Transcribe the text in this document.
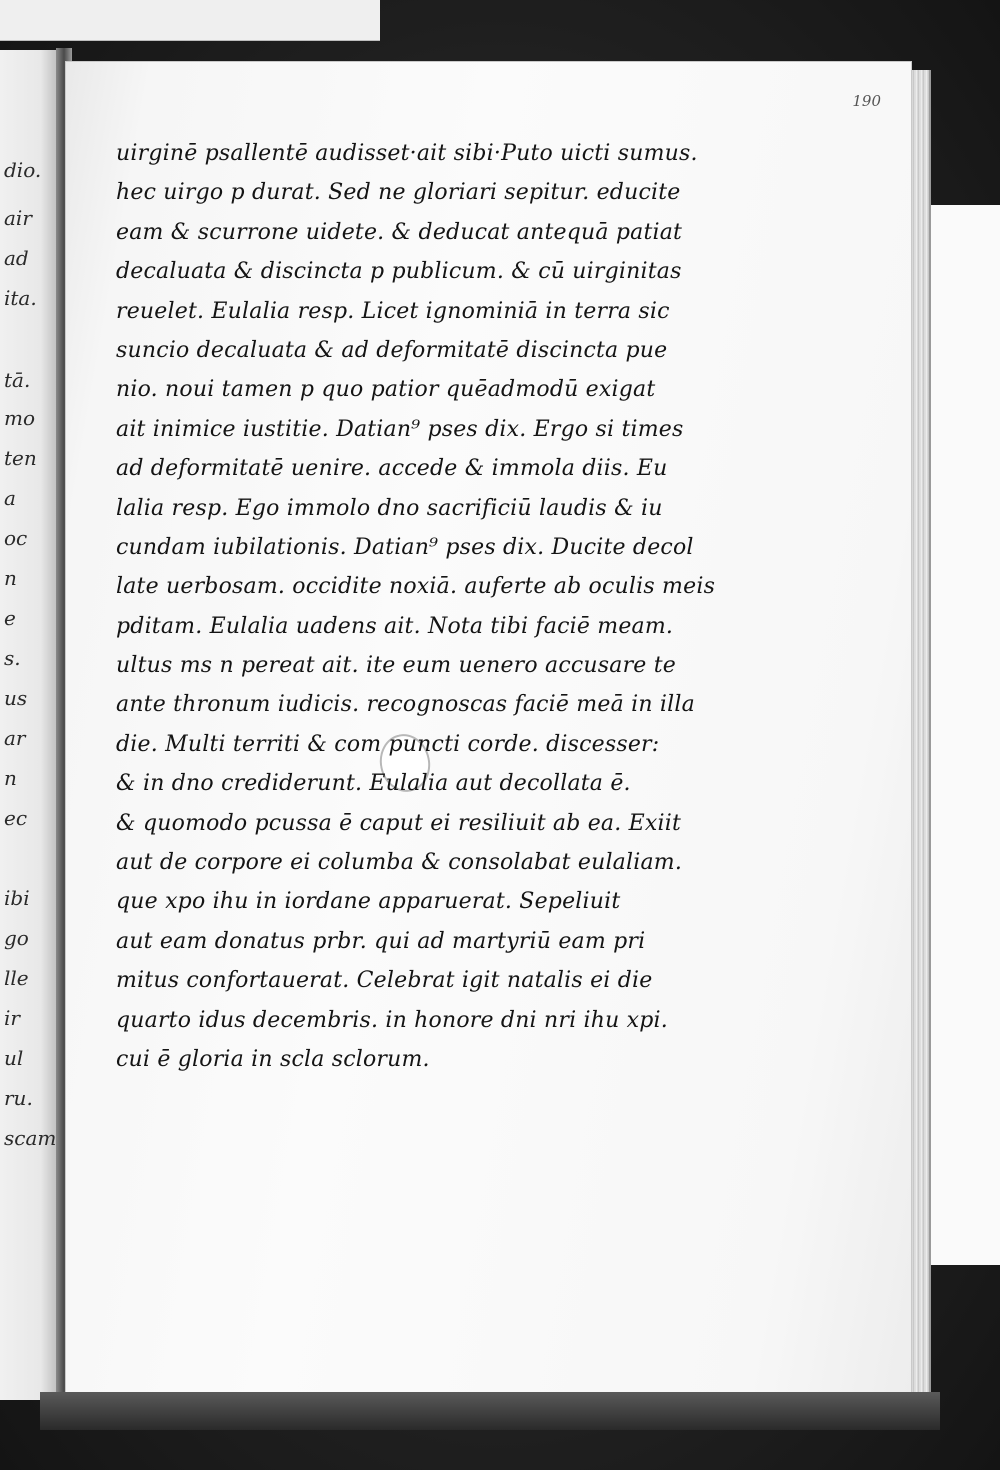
dio.
air
ad
ita.
tā.
mo
ten
a
oc
n
e
s.
us
ar
n
ec
ibi
go
lle
ir
ul
ru.
scam
190
uirginē psallentē audisset·ait sibi·Puto uicti sumus.
hec uirgo p durat. Sed ne gloriari sepitur. educite
eam & scurrone uidete. & deducat antequā patiat
decaluata & discincta p publicum. & cū uirginitas
reuelet. Eulalia resp. Licet ignominiā in terra sic
suncio decaluata & ad deformitatē discincta pue
nio. noui tamen p quo patior quēadmodū exigat
ait inimice iustitie. Datian⁹ pses dix. Ergo si times
ad deformitatē uenire. accede & immola diis. Eu
lalia resp. Ego immolo dno sacrificiū laudis & iu
cundam iubilationis. Datian⁹ pses dix. Ducite decol
late uerbosam. occidite noxiā. auferte ab oculis meis
pditam. Eulalia uadens ait. Nota tibi faciē meam.
ultus ms n pereat ait. ite eum uenero accusare te
ante thronum iudicis. recognoscas faciē meā in illa
die. Multi territi & com puncti corde. discesser:
& in dno crediderunt. Eulalia aut decollata ē.
& quomodo pcussa ē caput ei resiliuit ab ea. Exiit
aut de corpore ei columba & consolabat eulaliam.
que xpo ihu in iordane apparuerat. Sepeliuit
aut eam donatus prbr. qui ad martyriū eam pri
mitus confortauerat. Celebrat igit natalis ei die
quarto idus decembris. in honore dni nri ihu xpi.
cui ē gloria in scla sclorum.
